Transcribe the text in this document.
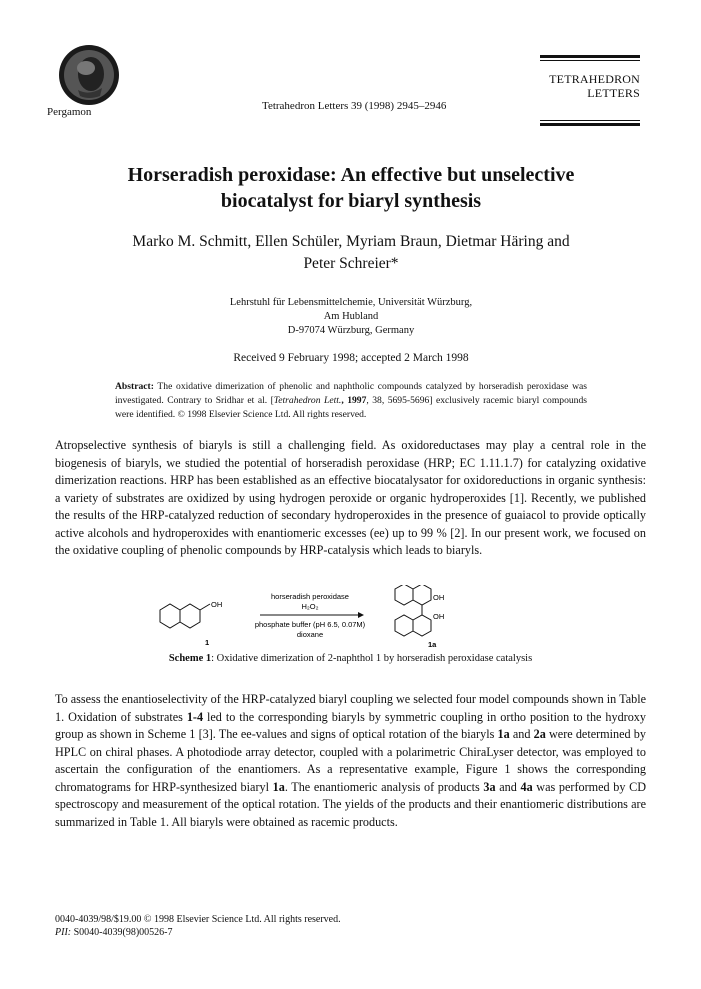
Pergamon	Tetrahedron Letters 39 (1998) 2945–2946
TETRAHEDRON
LETTERS
Horseradish peroxidase: An effective but unselective
biocatalyst for biaryl synthesis
Marko M. Schmitt, Ellen Schüler, Myriam Braun, Dietmar Häring and
Peter Schreier*
Lehrstuhl für Lebensmittelchemie, Universität Würzburg,
Am Hubland
D-97074 Würzburg, Germany
Received 9 February 1998; accepted 2 March 1998
Abstract: The oxidative dimerization of phenolic and naphtholic compounds catalyzed by horseradish peroxidase was investigated. Contrary to Sridhar et al. [Tetrahedron Lett., 1997, 38, 5695-5696] exclusively racemic biaryl compounds were identified. © 1998 Elsevier Science Ltd. All rights reserved.
Atropselective synthesis of biaryls is still a challenging field. As oxidoreductases may play a central role in the biogenesis of biaryls, we studied the potential of horseradish peroxidase (HRP; EC 1.11.1.7) for catalyzing oxidative dimerization reactions. HRP has been established as an effective biocatalysator for oxidoreductions in organic synthesis: a variety of substrates are oxidized by using hydrogen peroxide or organic hydroperoxides [1]. Recently, we published the results of the HRP-catalyzed reduction of secondary hydroperoxides in the presence of guaiacol to provide optically active alcohols and hydroperoxides with enantiomeric excesses (ee) up to 99 % [2]. In our present work, we focused on the oxidative coupling of phenolic compounds by HRP-catalysis which leads to biaryls.
OH
1
horseradish peroxidase
H₂O₂
phosphate buffer (pH 6.5, 0.07M)
dioxane
OH
OH
1a
Scheme 1: Oxidative dimerization of 2-naphthol 1 by horseradish peroxidase catalysis
To assess the enantioselectivity of the HRP-catalyzed biaryl coupling we selected four model compounds shown in Table 1. Oxidation of substrates 1-4 led to the corresponding biaryls by symmetric coupling in ortho position to the hydroxy group as shown in Scheme 1 [3]. The ee-values and signs of optical rotation of the biaryls 1a and 2a were determined by HPLC on chiral phases. A photodiode array detector, coupled with a polarimetric ChiraLyser detector, was employed to ascertain the configuration of the enantiomers. As a representative example, Figure 1 shows the corresponding chromatograms for HRP-synthesized biaryl 1a. The enantiomeric analysis of products 3a and 4a was performed by CD spectroscopy and measurement of the optical rotation. The yields of the products and their enantiomeric distributions are summarized in Table 1. All biaryls were obtained as racemic products.
0040-4039/98/$19.00 © 1998 Elsevier Science Ltd. All rights reserved.
PII: S0040-4039(98)00526-7
